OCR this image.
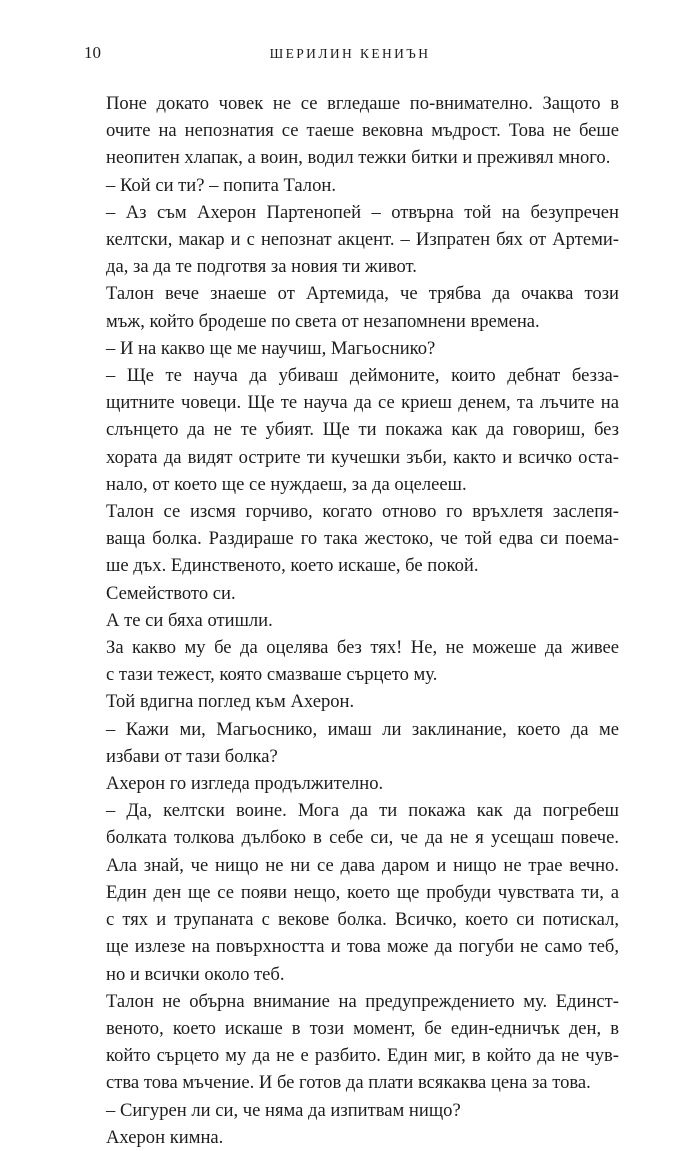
10	ШЕРИЛИН КЕНИЪН

Поне докато човек не се вгледаше по-внимателно. Защото в
очите на непознатия се таеше вековна мъдрост. Това не беше
неопитен хлапак, а воин, водил тежки битки и преживял много.

– Кой си ти? – попита Талон.

– Аз съм Ахерон Партенопей – отвърна той на безупречен
келтски, макар и с непознат акцент. – Изпратен бях от Артеми-
да, за да те подготвя за новия ти живот.

Талон вече знаеше от Артемида, че трябва да очаква този
мъж, който бродеше по света от незапомнени времена.

– И на какво ще ме научиш, Магьоснико?

– Ще те науча да убиваш деймоните, които дебнат безза-
щитните човеци. Ще те науча да се криеш денем, та лъчите на
слънцето да не те убият. Ще ти покажа как да говориш, без
хората да видят острите ти кучешки зъби, както и всичко оста-
нало, от което ще се нуждаеш, за да оцелееш.

Талон се изсмя горчиво, когато отново го връхлетя заслепя-
ваща болка. Раздираше го така жестоко, че той едва си поема-
ше дъх. Единственото, което искаше, бе покой.

Семейството си.

А те си бяха отишли.

За какво му бе да оцелява без тях! Не, не можеше да живее
с тази тежест, която смазваше сърцето му.

Той вдигна поглед към Ахерон.

– Кажи ми, Магьоснико, имаш ли заклинание, което да ме
избави от тази болка?

Ахерон го изгледа продължително.

– Да, келтски воине. Мога да ти покажа как да погребеш
болката толкова дълбоко в себе си, че да не я усещаш повече.
Ала знай, че нищо не ни се дава даром и нищо не трае вечно.
Един ден ще се появи нещо, което ще пробуди чувствата ти, а
с тях и трупаната с векове болка. Всичко, което си потискал,
ще излезе на повърхността и това може да погуби не само теб,
но и всички около теб.

Талон не обърна внимание на предупреждението му. Единст-
веното, което искаше в този момент, бе един-едничък ден, в
който сърцето му да не е разбито. Един миг, в който да не чув-
ства това мъчение. И бе готов да плати всякаква цена за това.

– Сигурен ли си, че няма да изпитвам нищо?

Ахерон кимна.
